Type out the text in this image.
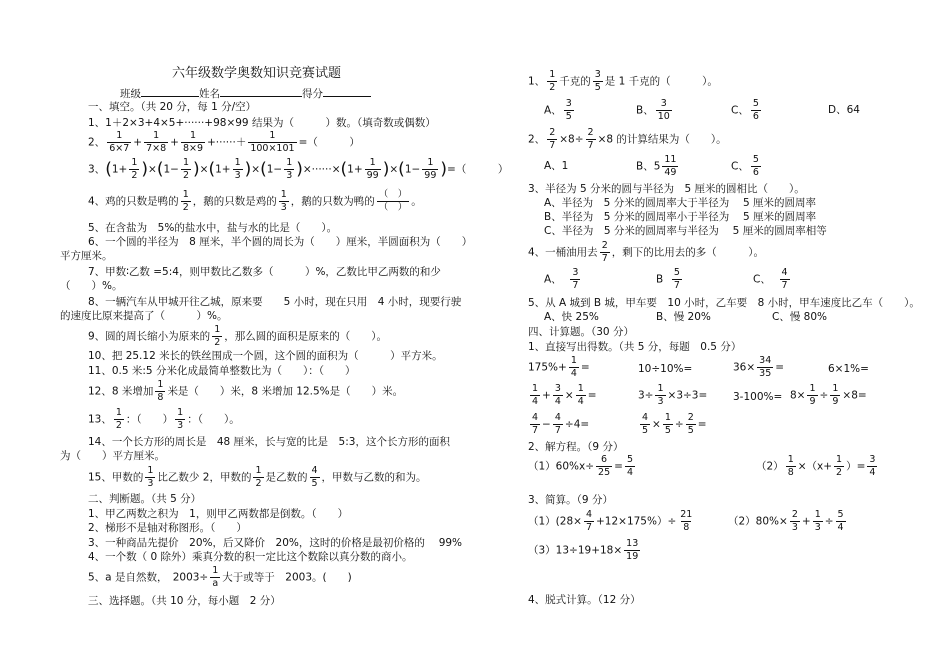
六年级数学奥数知识竞赛试题
班级	姓名	得分
一、填空。（共 20 分，每 1 分/空）
1、1＋2×3+4×5+······+98×99 结果为（　　　）数。（填奇数或偶数）
2、 $\frac{1}{6\times 7} + \frac{1}{7\times 8} + \frac{1}{8\times 9}$ +······＋ $\frac{1}{100\times 101}$ =（　　　）
3、$(1+ \frac{1}{2} )\times(1- \frac{1}{2} )\times(1+ \frac{1}{3} )\times(1- \frac{1}{3} )\times\cdot\cdot\cdot\cdot\cdot\cdot\times(1+ \frac{1}{99} )\times(1- \frac{1}{99}$ )=（　　　）
4、鸡的只数是鸭的 $\frac{1}{2}$ ，鹅的只数是鸡的 $\frac{1}{3}$ ，鹅的只数为鸭的 $\frac{( )}{( )}$ 。
5、在含盐为　5%的盐水中，盐与水的比是（　　）。
6、一个圆的半径为　8 厘米，半个圆的周长为（　　）厘米，半圆面积为（　　）
平方厘米。
7、甲数∶乙数 =5:4，则甲数比乙数多（　　　）%，乙数比甲乙两数的和少
（　　）%。
8、一辆汽车从甲城开往乙城，原来要　　5 小时，现在只用　4 小时，现要行驶
的速度比原来提高了（　　　）%。
9、圆的周长缩小为原来的 $\frac{1}{2}$ ，那么圆的面积是原来的（　　）。
10、把 25.12 米长的铁丝围成一个圆，这个圆的面积为（　　　）平方米。
11、0.5 米:5 分米化成最简单整数比为（　　）：（　　）
12、8 米增加 $\frac{1}{8}$ 米是（　　）米，8 米增加 12.5%是（　　）米。
13、 $\frac{1}{2}$ ：（　　） $\frac{1}{3}$ ：（　　）。
14、一个长方形的周长是　48 厘米，长与宽的比是　5:3，这个长方形的面积
为（　　）平方厘米。
15、甲数的 $\frac{1}{3}$ 比乙数少 2，甲数的 $\frac{1}{2}$ 是乙数的 $\frac{4}{5}$ ，甲数与乙数的和为。
二、判断题。（共 5 分）
1、甲乙两数之积为　1，则甲乙两数都是倒数。（　　）
2、梯形不是轴对称图形。（　　）
3、一种商品先提价　20%，后又降价　20%，这时的价格是最初价格的　 99%
4、一个数（ 0 除外）乘真分数的积一定比这个数除以真分数的商小。
5、a 是自然数，　$2003\div \frac{1}{a}$ 大于或等于　2003。(　　)
三、选择题。（共 10 分，每小题　2 分）
1、 $\frac{1}{2}$ 千克的 $\frac{3}{5}$ 是 1 千克的（　　　）。
A、 $\frac{3}{5}$	B、 $\frac{3}{10}$	C、 $\frac{5}{6}$	D、64
2、 $\frac{2}{7} \times 8\div \frac{2}{7} \times 8$ 的计算结果为（　　）。
A、1	B、$5 \frac{11}{49}$	C、 $\frac{5}{6}$
3、半径为 5 分米的圆与半径为　5 厘米的圆相比（　　）。
A、半径为　5 分米的圆周率大于半径为　 5 厘米的圆周率
B、半径为　5 分米的圆周率小于半径为　 5 厘米的圆周率
C、半径为　5 分米的圆周率与半径为　 5 厘米的圆周率相等
4、一桶油用去 $\frac{2}{7}$ ，剩下的比用去的多（　　　）。
A、 $\frac{3}{7}$	B $\frac{5}{7}$	C、 $\frac{4}{7}$
5、从 A 城到 B 城，甲车要　10 小时，乙车要　8 小时，甲车速度比乙车（　　）。
A、快 25%	B、慢 20%	C、慢 80%
四、计算题。（30 分）
1、直接写出得数。（共 5 分，每题　0.5 分）
$175\%+ \frac{1}{4}$ =	10÷10%=	$36\times \frac{34}{35}$ =	6×1%=
$\frac{1}{4} + \frac{3}{4} \times \frac{1}{4}$ =	$3\div \frac{1}{3} \times 3\div 3= 3-100\%= 8\times \frac{1}{9} \div \frac{1}{9} \times 8=$
$\frac{4}{7} - \frac{4}{7} \div 4=$	$\frac{4}{5} \times \frac{1}{5} \div \frac{2}{5}$ =
2、解方程。（9 分）
$(1)60\%x\div \frac{6}{25} = \frac{5}{4}$	$(2) \frac{1}{8} \times(x+ \frac{1}{2}$ ）= $\frac{3}{4}$
3、简算。（9 分）
$(1)(28\times \frac{4}{7} +12\times 175\%)\div \frac{21}{8}$	$(2)80\%\times \frac{2}{3} + \frac{1}{3} \div \frac{5}{4}$
$(3)13\div 19+18\times \frac{13}{19}$
4、脱式计算。（12 分）
